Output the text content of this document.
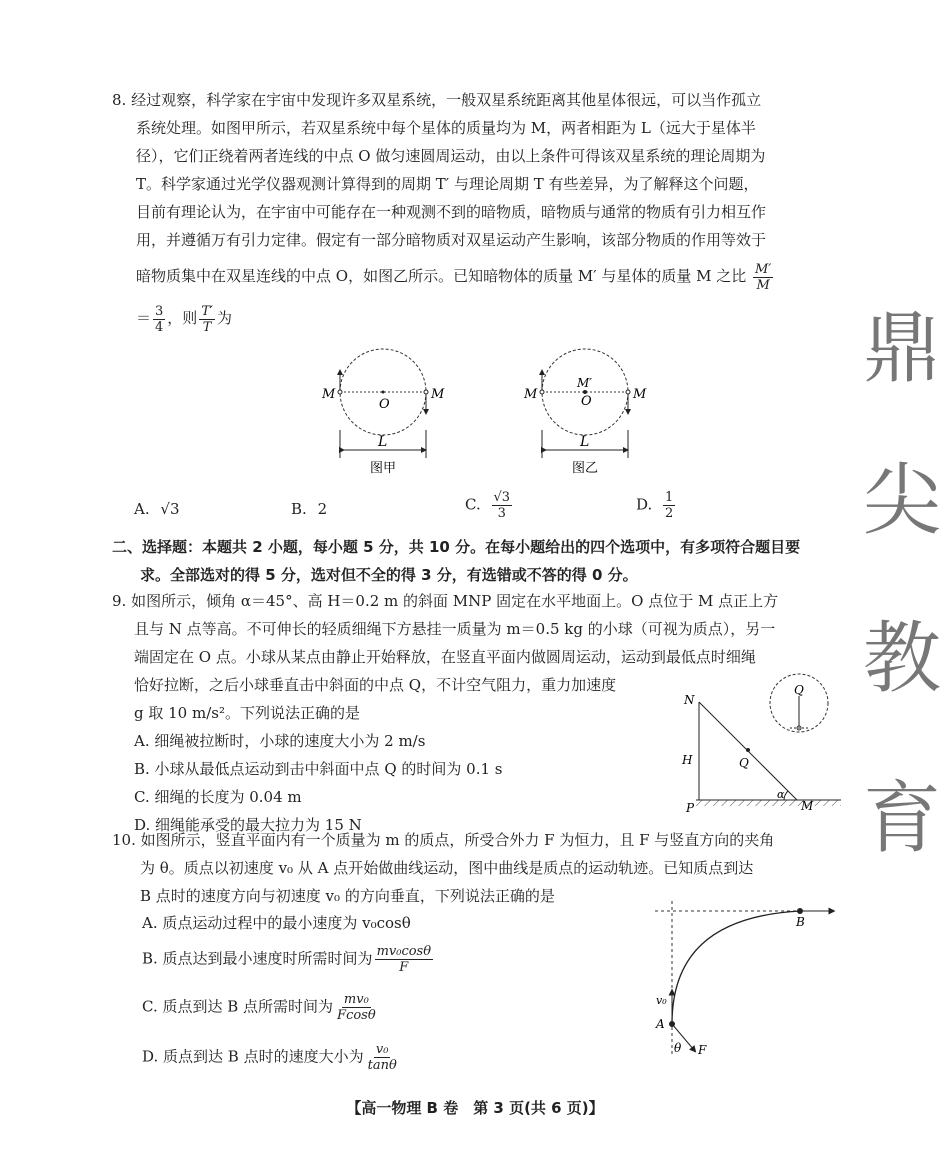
8. 经过观察，科学家在宇宙中发现许多双星系统，一般双星系统距离其他星体很远，可以当作孤立
系统处理。如图甲所示，若双星系统中每个星体的质量均为 M，两者相距为 L（远大于星体半
径），它们正绕着两者连线的中点 O 做匀速圆周运动，由以上条件可得该双星系统的理论周期为
T。科学家通过光学仪器观测计算得到的周期 T′ 与理论周期 T 有些差异，为了解释这个问题，
目前有理论认为，在宇宙中可能存在一种观测不到的暗物质，暗物质与通常的物质有引力相互作
用，并遵循万有引力定律。假定有一部分暗物质对双星运动产生影响，该部分物质的作用等效于
暗物质集中在双星连线的中点 O，如图乙所示。已知暗物体的质量 M′ 与星体的质量 M 之比 $\frac{M'}{M}$
＝ $\frac{3}{4}$ ，则 $\frac{T'}{T}$ 为
M	M
O
L
图甲
M	M
M′
O
L
图乙
A. √3	B. 2	C. $\frac{√3}{3}$	D. $\frac{1}{2}$
二、选择题：本题共 2 小题，每小题 5 分，共 10 分。在每小题给出的四个选项中，有多项符合题目要
求。全部选对的得 5 分，选对但不全的得 3 分，有选错或不答的得 0 分。
9. 如图所示，倾角 α＝45°、高 H＝0.2 m 的斜面 MNP 固定在水平地面上。O 点位于 M 点正上方
且与 N 点等高。不可伸长的轻质细绳下方悬挂一质量为 m＝0.5 kg 的小球（可视为质点），另一
端固定在 O 点。小球从某点由静止开始释放，在竖直平面内做圆周运动，运动到最低点时细绳
恰好拉断，之后小球垂直击中斜面的中点 Q，不计空气阻力，重力加速度
g 取 10 m/s²。下列说法正确的是
A. 细绳被拉断时，小球的速度大小为 2 m/s
B. 小球从最低点运动到击中斜面中点 Q 的时间为 0.1 s
C. 细绳的长度为 0.04 m
D. 细绳能承受的最大拉力为 15 N
N
H	Q
P
α
M
Q
10. 如图所示，竖直平面内有一个质量为 m 的质点，所受合外力 F 为恒力，且 F 与竖直方向的夹角
为 θ。质点以初速度 v₀ 从 A 点开始做曲线运动，图中曲线是质点的运动轨迹。已知质点到达
B 点时的速度方向与初速度 v₀ 的方向垂直，下列说法正确的是
A. 质点运动过程中的最小速度为 v₀cosθ
B. 质点达到最小速度时所需时间为 $\frac{\text{mv₀cosθ}}{F}$
C. 质点到达 B 点所需时间为 $\frac{\text{mv₀}}{Fcos\theta}$
D. 质点到达 B 点时的速度大小为 $\frac{\text{v₀}}{\tan\theta}$
B
v₀
A
θ F
鼎
尖
教
育
【高一物理 B 卷　第 3 页(共 6 页)】
